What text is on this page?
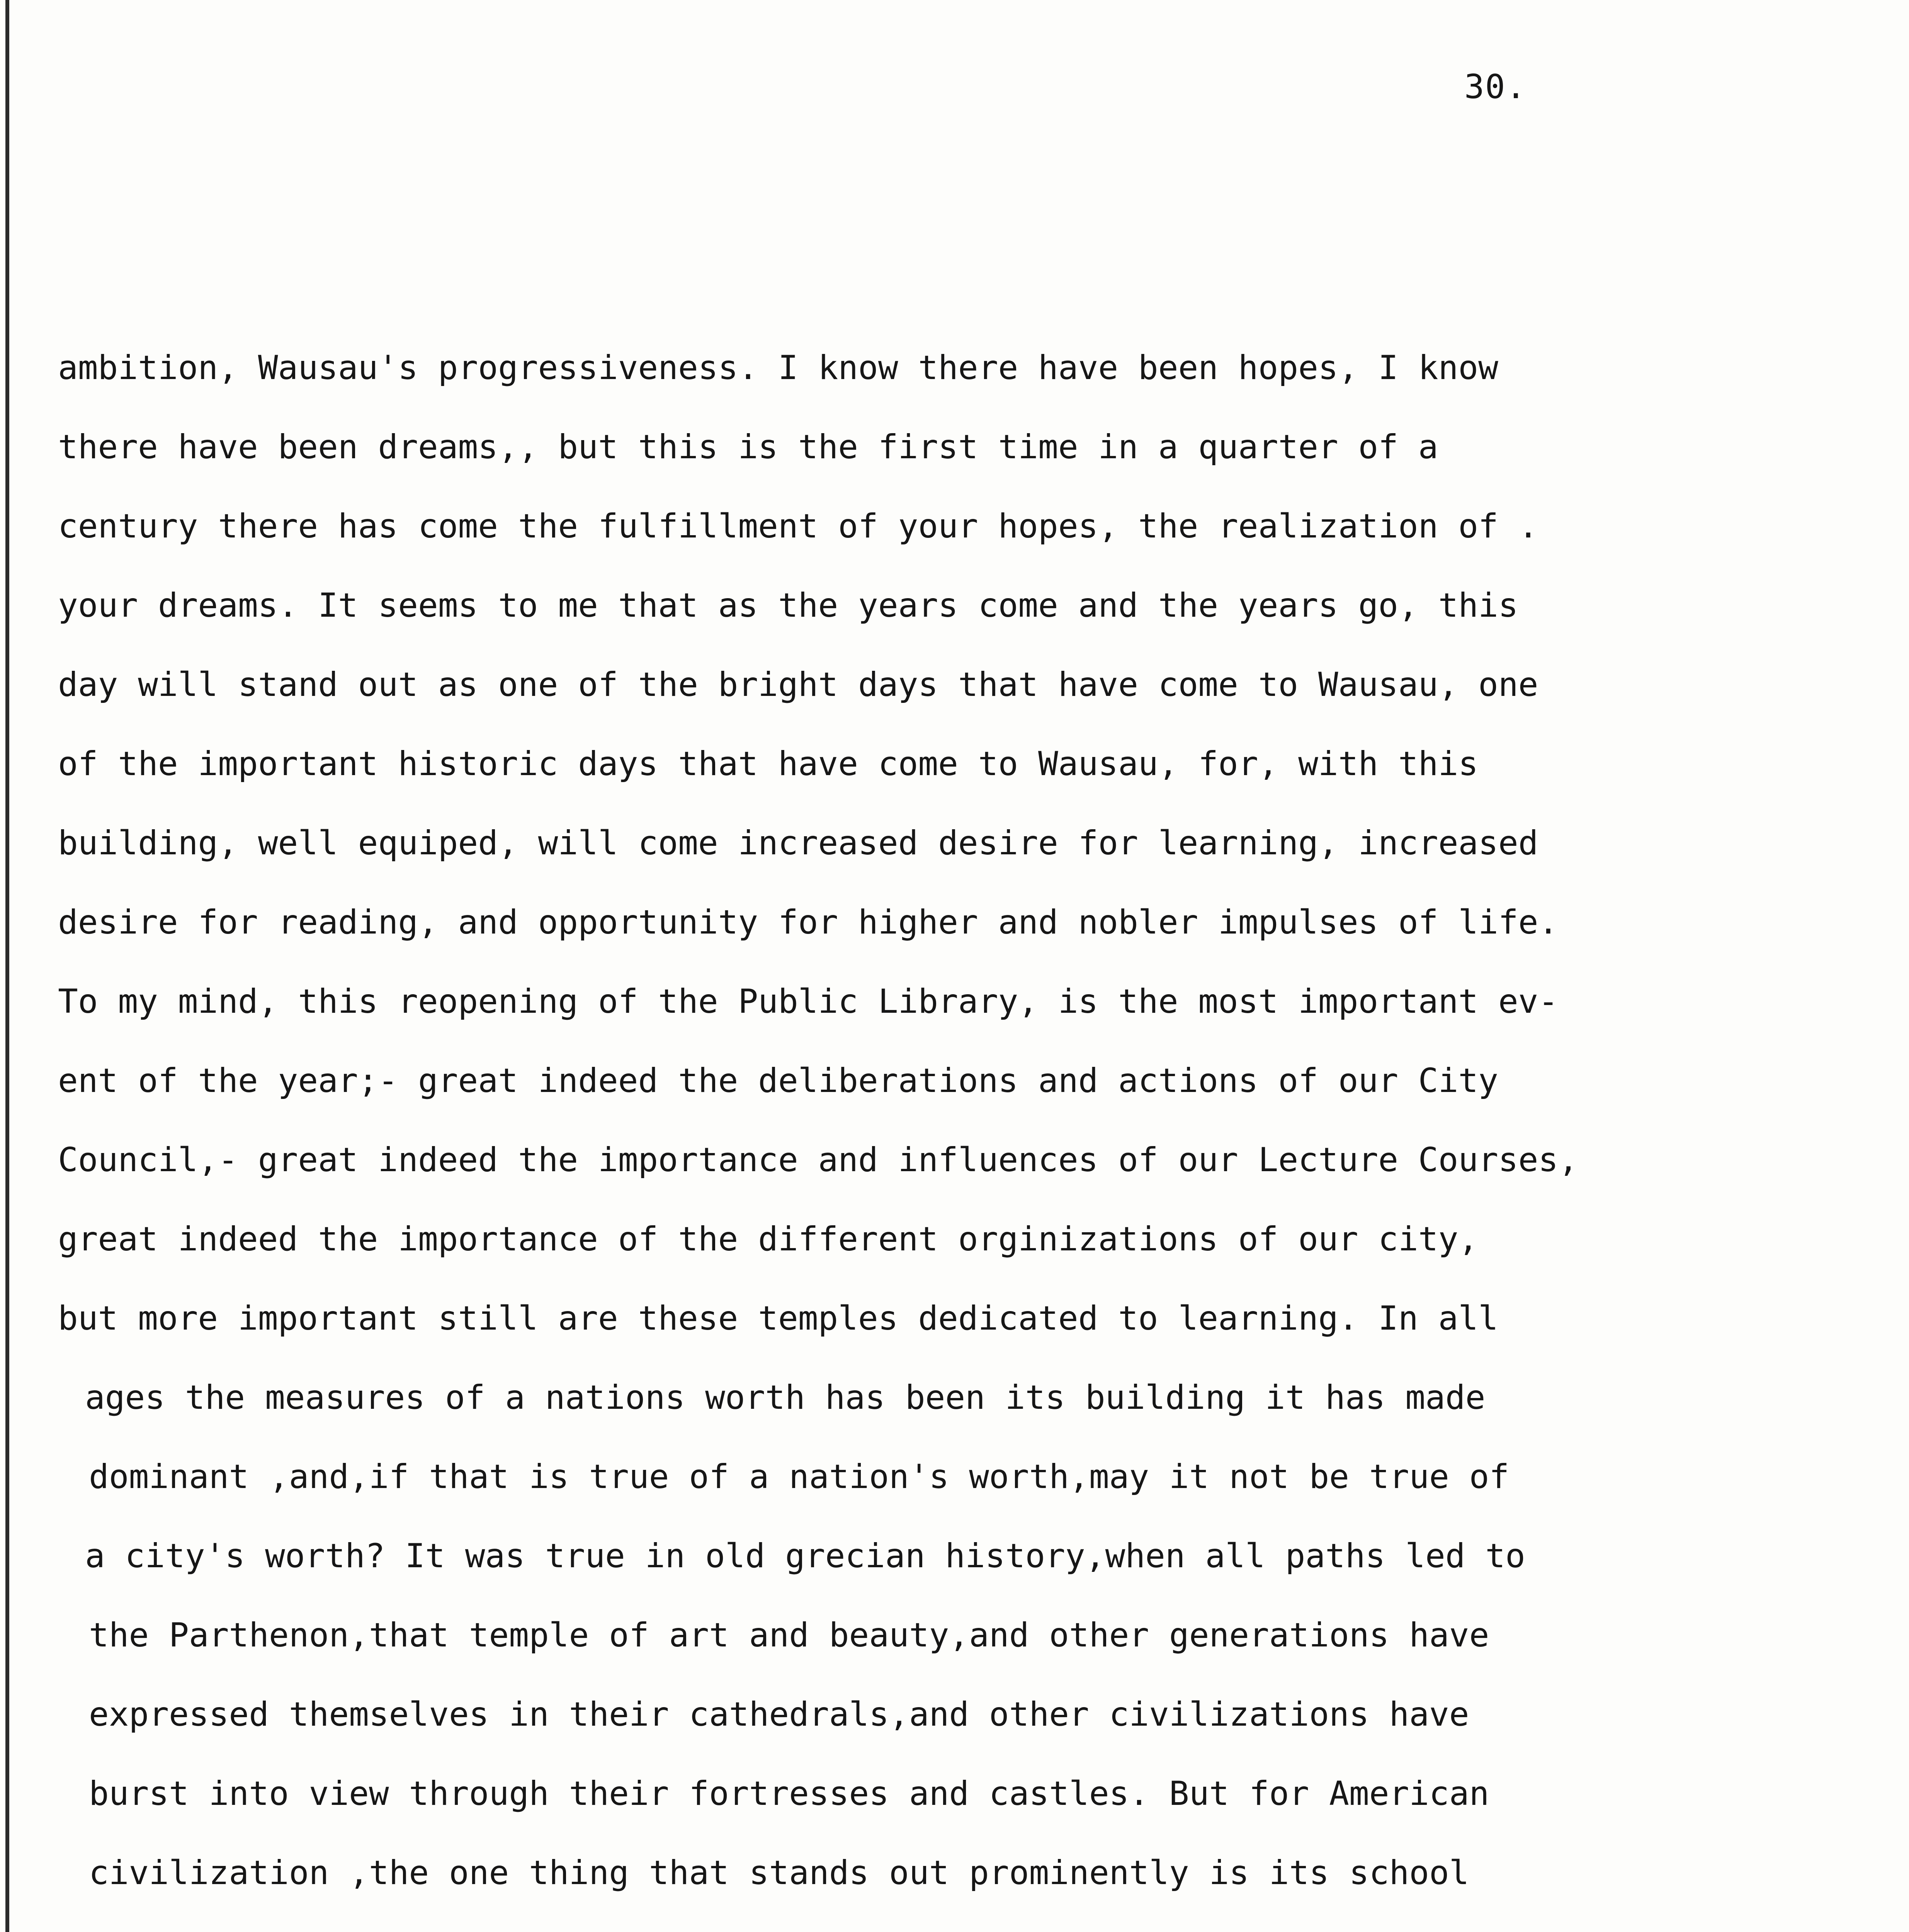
30.
ambition, Wausau's progressiveness. I know there have been hopes, I know
there have been dreams,, but this is the first time in a quarter of a
century there has come the fulfillment of your hopes, the realization of .
your dreams. It seems to me that as the years come and the years go, this
day will stand out as one of the bright days that have come to Wausau, one
of the important historic days that have come to Wausau, for, with this
building, well equiped, will come increased desire for learning, increased
desire for reading, and opportunity for higher and nobler impulses of life.
To my mind, this reopening of the Public Library, is the most important ev-
ent of the year;- great indeed the deliberations and actions of our City
Council,- great indeed the importance and influences of our Lecture Courses,
great indeed the importance of the different orginizations of our city,
but more important still are these temples dedicated to learning. In all
ages the measures of a nations worth has been its building it has made
dominant ,and,if that is true of a nation's worth,may it not be true of
a city's worth? It was true in old grecian history,when all paths led to
the Parthenon,that temple of art and beauty,and other generations have
expressed themselves in their cathedrals,and other civilizations have
burst into view through their fortresses and castles. But for American
civilization ,the one thing that stands out prominently is its school
